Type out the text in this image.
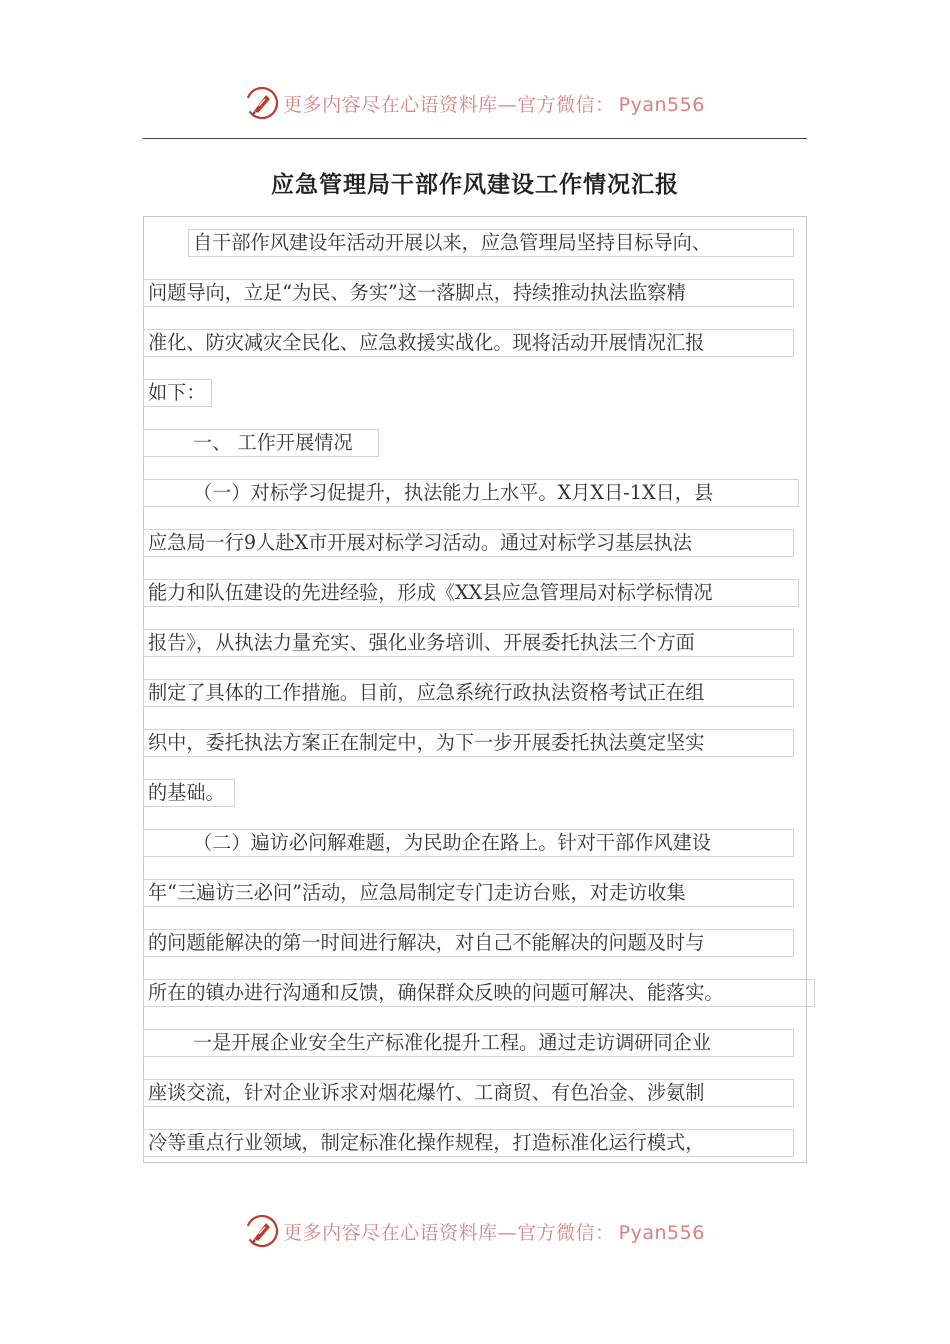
更多内容尽在心语资料库—官方微信： Pyan556
应急管理局干部作风建设工作情况汇报
自干部作风建设年活动开展以来，应急管理局坚持目标导向、
问题导向，立足“为民、务实”这一落脚点，持续推动执法监察精
准化、防灾减灾全民化、应急救援实战化。现将活动开展情况汇报
如下：
一、 工作开展情况
（一）对标学习促提升，执法能力上水平。X月X日-1X日，县
应急局一行9人赴X市开展对标学习活动。通过对标学习基层执法
能力和队伍建设的先进经验，形成《XX县应急管理局对标学标情况
报告》，从执法力量充实、强化业务培训、开展委托执法三个方面
制定了具体的工作措施。目前，应急系统行政执法资格考试正在组
织中，委托执法方案正在制定中，为下一步开展委托执法奠定坚实
的基础。
（二）遍访必问解难题，为民助企在路上。针对干部作风建设
年“三遍访三必问”活动，应急局制定专门走访台账，对走访收集
的问题能解决的第一时间进行解决，对自己不能解决的问题及时与
所在的镇办进行沟通和反馈，确保群众反映的问题可解决、能落实。
一是开展企业安全生产标准化提升工程。通过走访调研同企业
座谈交流，针对企业诉求对烟花爆竹、工商贸、有色冶金、涉氨制
冷等重点行业领域，制定标准化操作规程，打造标准化运行模式，
更多内容尽在心语资料库—官方微信： Pyan556
